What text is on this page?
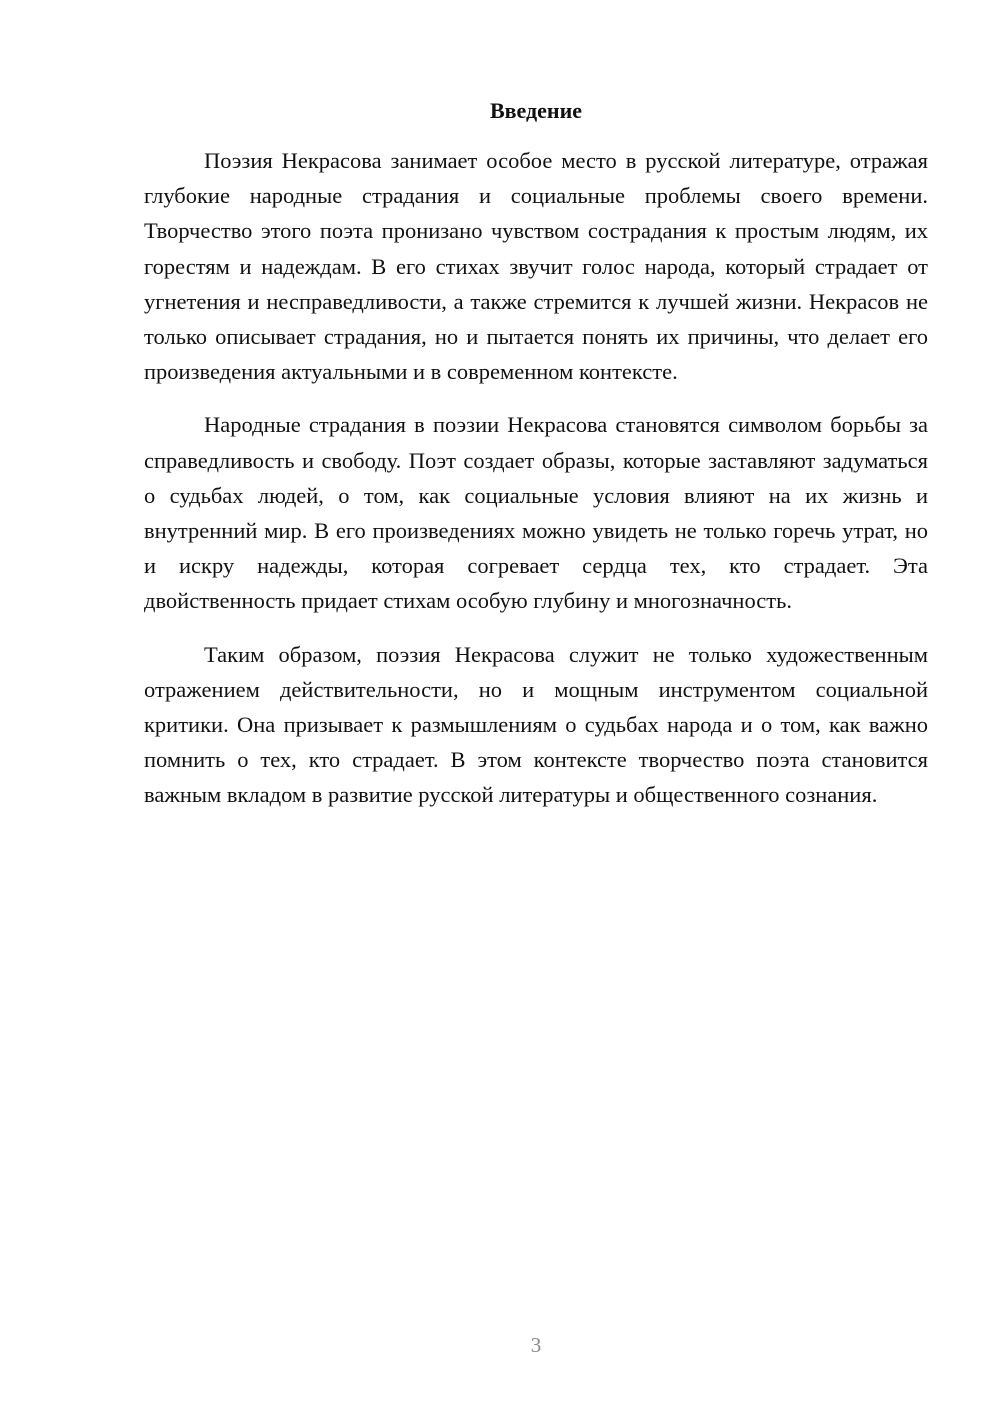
Введение

Поэзия Некрасова занимает особое место в русской литературе, отражая глубокие народные страдания и социальные проблемы своего времени. Творчество этого поэта пронизано чувством сострадания к простым людям, их горестям и надеждам. В его стихах звучит голос народа, который страдает от угнетения и несправедливости, а также стремится к лучшей жизни. Некрасов не только описывает страдания, но и пытается понять их причины, что делает его произведения актуальными и в современном контексте.

Народные страдания в поэзии Некрасова становятся символом борьбы за справедливость и свободу. Поэт создает образы, которые заставляют задуматься о судьбах людей, о том, как социальные условия влияют на их жизнь и внутренний мир. В его произведениях можно увидеть не только горечь утрат, но и искру надежды, которая согревает сердца тех, кто страдает. Эта двойственность придает стихам особую глубину и многозначность.

Таким образом, поэзия Некрасова служит не только художественным отражением действительности, но и мощным инструментом социальной критики. Она призывает к размышлениям о судьбах народа и о том, как важно помнить о тех, кто страдает. В этом контексте творчество поэта становится важным вкладом в развитие русской литературы и общественного сознания.

3
